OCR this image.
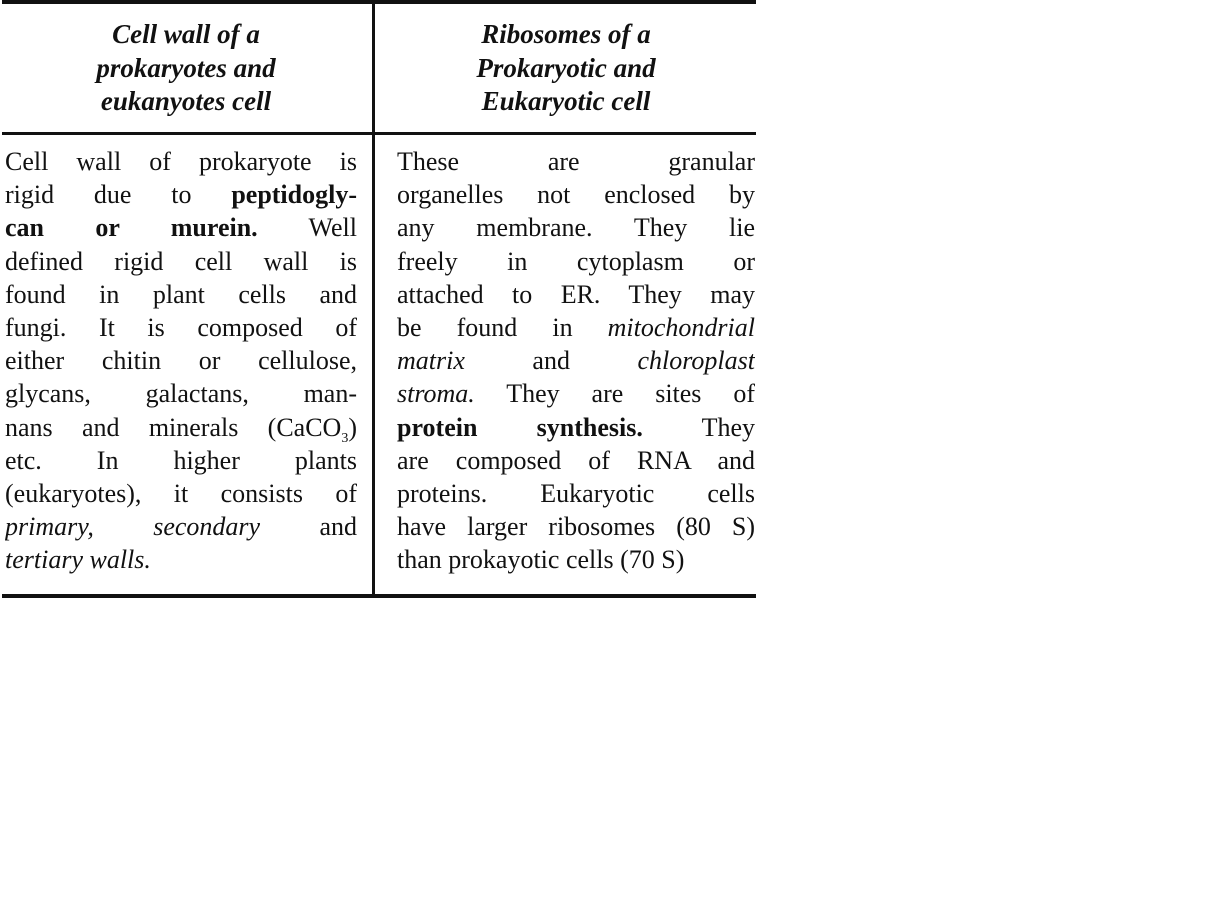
Cell wall of a
prokaryotes and
eukanyotes cell
Ribosomes of a
Prokaryotic and
Eukaryotic cell
Cell wall of prokaryote is
rigid due to peptidogly-
can or murein. Well
defined rigid cell wall is
found in plant cells and
fungi. It is composed of
either chitin or cellulose,
glycans, galactans, man-
nans and minerals (CaCO$_3$)
etc. In higher plants
(eukaryotes), it consists of
primary, secondary and
tertiary walls.
These are granular
organelles not enclosed by
any membrane. They lie
freely in cytoplasm or
attached to ER. They may
be found in mitochondrial
matrix and chloroplast
stroma. They are sites of
protein synthesis. They
are composed of RNA and
proteins. Eukaryotic cells
have larger ribosomes (80 S)
than prokayotic cells (70 S)
